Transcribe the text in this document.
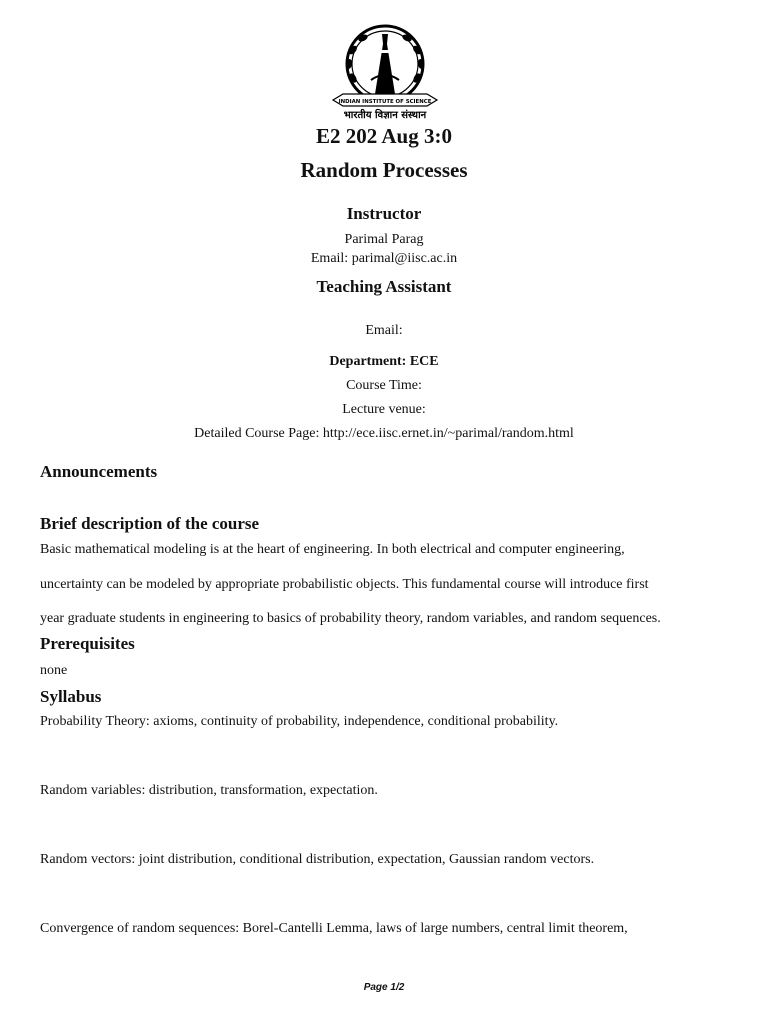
INDIAN INSTITUTE OF SCIENCE
भारतीय विज्ञान संस्थान
E2 202 Aug 3:0
Random Processes
Instructor
Parimal Parag
Email: parimal@iisc.ac.in
Teaching Assistant
Email:
Department: ECE
Course Time:
Lecture venue:
Detailed Course Page: http://ece.iisc.ernet.in/~parimal/random.html
Announcements
Brief description of the course
Basic mathematical modeling is at the heart of engineering. In both electrical and computer engineering,
uncertainty can be modeled by appropriate probabilistic objects. This fundamental course will introduce first
year graduate students in engineering to basics of probability theory, random variables, and random sequences.
Prerequisites
none
Syllabus
Probability Theory: axioms, continuity of probability, independence, conditional probability.
Random variables: distribution, transformation, expectation.
Random vectors: joint distribution, conditional distribution, expectation, Gaussian random vectors.
Convergence of random sequences: Borel-Cantelli Lemma, laws of large numbers, central limit theorem,
Page 1/2
